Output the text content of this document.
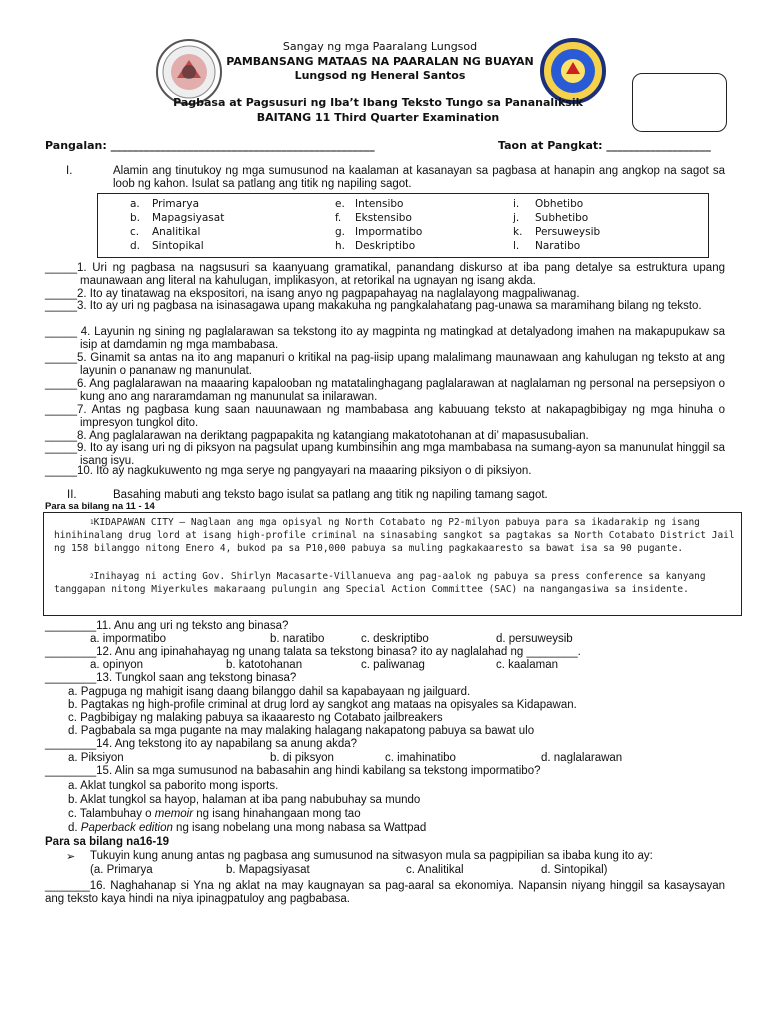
Sangay ng mga Paaralang Lungsod
PAMBANSANG MATAAS NA PAARALAN NG BUAYAN
Lungsod ng Heneral Santos
Pagbasa at Pagsusuri ng Iba’t Ibang Teksto Tungo sa Pananaliksik
BAITANG 11 Third Quarter Examination
Pangalan: ________________________________________________	Taon at Pangkat: ___________________
I.	Alamin ang tinutukoy ng mga sumusunod na kaalaman at kasanayan sa pagbasa at hanapin ang angkop na sagot sa loob ng kahon. Isulat sa patlang ang titik ng napiling sagot.
a. Primarya	e. Intensibo	i. Obhetibo
b. Mapagsiyasat	f. Ekstensibo	j. Subhetibo
c. Analitikal	g. Impormatibo	k. Persuweysib
d. Sintopikal	h. Deskriptibo	l. Naratibo
_____1. Uri ng pagbasa na nagsusuri sa kaanyuang gramatikal, panandang diskurso at iba pang detalye sa estruktura upang maunawaan ang literal na kahulugan, implikasyon, at retorikal na ugnayan ng isang akda.
_____2. Ito ay tinatawag na ekspositori, na isang anyo ng pagpapahayag na naglalayong magpaliwanag.
_____3. Ito ay uri ng pagbasa na isinasagawa upang makakuha ng pangkalahatang pag-unawa sa maramihang bilang ng teksto.
_____ 4. Layunin ng sining ng paglalarawan sa tekstong ito ay magpinta ng matingkad at detalyadong imahen na makapupukaw sa isip at damdamin ng mga mambabasa.
_____5. Ginamit sa antas na ito ang mapanuri o kritikal na pag-iisip upang malalimang maunawaan ang kahulugan ng teksto at ang layunin o pananaw ng manunulat.
_____6. Ang paglalarawan na maaaring kapalooban ng matatalinghagang paglalarawan at naglalaman ng personal na persepsiyon o kung ano ang nararamdaman ng manunulat sa inilarawan.
_____7. Antas ng pagbasa kung saan nauunawaan ng mambabasa ang kabuuang teksto at nakapagbibigay ng mga hinuha o impresyon tungkol dito.
_____8. Ang paglalarawan na deriktang pagpapakita ng katangiang makatotohanan at di’ mapasusubalian.
_____9. Ito ay isang uri ng di piksyon na pagsulat upang kumbinsihin ang mga mambabasa na sumang-ayon sa manunulat hinggil sa isang isyu.
_____10. Ito ay nagkukuwento ng mga serye ng pangyayari na maaaring piksiyon o di piksiyon.
II.	Basahing mabuti ang teksto bago isulat sa patlang ang titik ng napiling tamang sagot.
Para sa bilang na 11 - 14
$^1$KIDAPAWAN CITY – Naglaan ang mga opisyal ng North Cotabato ng P2-milyon pabuya para sa ikadarakip ng isang hinihinalang drug lord at isang high-profile criminal na sinasabing sangkot sa pagtakas sa North Cotabato District Jail ng 158 bilanggo nitong Enero 4, bukod pa sa P10,000 pabuya sa muling pagkakaaresto sa bawat isa sa 90 pugante.
$^2$Inihayag ni acting Gov. Shirlyn Macasarte-Villanueva ang pag-aalok ng pabuya sa press conference sa kanyang tanggapan nitong Miyerkules makaraang pulungin ang Special Action Committee (SAC) na nangangasiwa sa insidente.
________11. Anu ang uri ng teksto ang binasa?
a. impormatibo	b. naratibo	c. deskriptibo	d. persuweysib
________12. Anu ang ipinahahayag ng unang talata sa tekstong binasa? ito ay naglalahad ng ________.
a. opinyon	b. katotohanan	c. paliwanag	c. kaalaman
________13. Tungkol saan ang tekstong binasa?
a. Pagpuga ng mahigit isang daang bilanggo dahil sa kapabayaan ng jailguard.
b. Pagtakas ng high-profile criminal at drug lord ay sangkot ang mataas na opisyales sa Kidapawan.
c. Pagbibigay ng malaking pabuya sa ikaaaresto ng Cotabato jailbreakers
d. Pagbabala sa mga pugante na may malaking halagang nakapatong pabuya sa bawat ulo
________14. Ang tekstong ito ay napabilang sa anung akda?
a. Piksiyon	b. di piksyon	c. imahinatibo	d. naglalarawan
________15. Alin sa mga sumusunod na babasahin ang hindi kabilang sa tekstong impormatibo?
a. Aklat tungkol sa paborito mong isports.
b. Aklat tungkol sa hayop, halaman at iba pang nabubuhay sa mundo
c. Talambuhay o memoir ng isang hinahangaan mong tao
d. Paperback edition ng isang nobelang una mong nabasa sa Wattpad
Para sa bilang na16-19
➢ Tukuyin kung anung antas ng pagbasa ang sumusunod na sitwasyon mula sa pagpipilian sa ibaba kung ito ay:
(a. Primarya	b. Mapagsiyasat	c. Analitikal	d. Sintopikal)
_______16. Naghahanap si Yna ng aklat na may kaugnayan sa pag-aaral sa ekonomiya. Napansin niyang hinggil sa kasaysayan ang teksto kaya hindi na niya ipinagpatuloy ang pagbabasa.
